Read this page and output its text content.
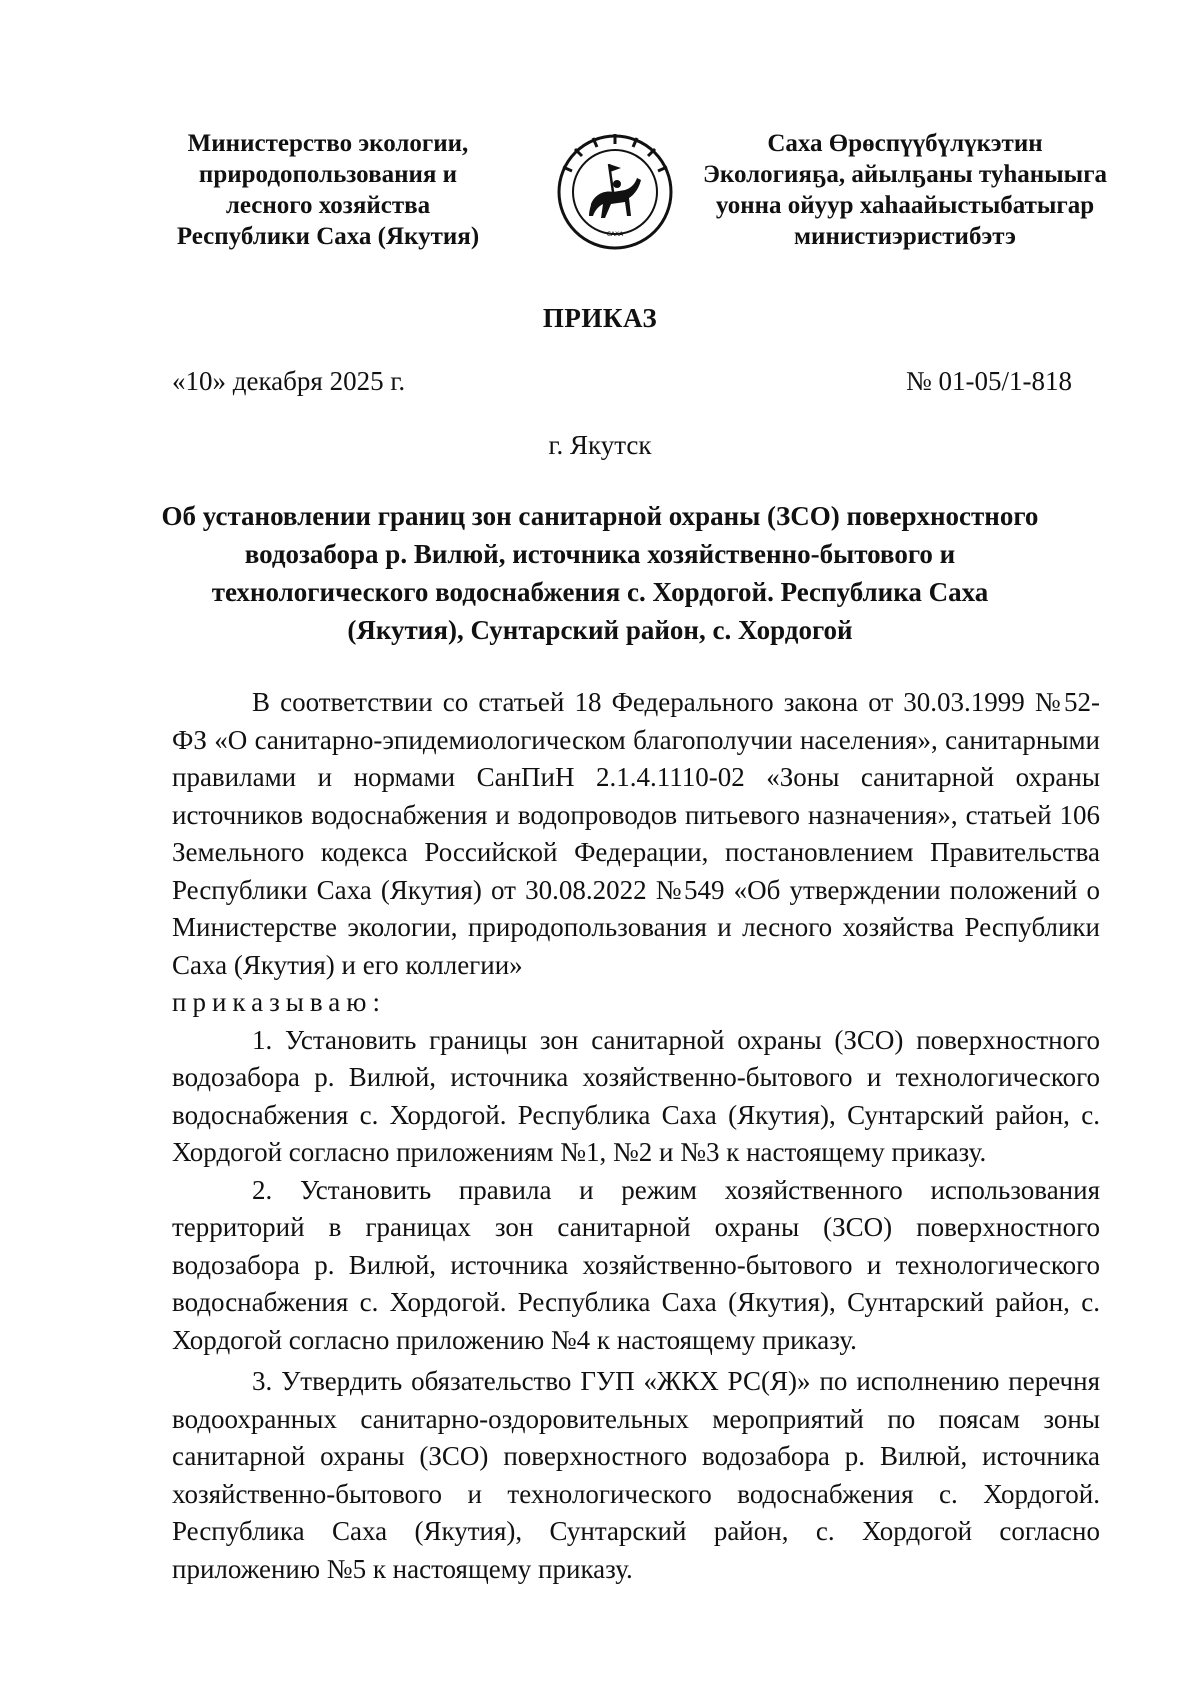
Министерство экологии,
природопользования и
лесного хозяйства
Республики Саха (Якутия)	САХА
Саха Өрөспүүбүлүкэтин
Экологияҕа, айылҕаны туһаныыга
уонна ойуур хаһаайыстыбатыгар
министиэристибэтэ
ПРИКАЗ
«10» декабря 2025 г.	№ 01-05/1-818
г. Якутск
Об установлении границ зон санитарной охраны (ЗСО) поверхностного
водозабора р. Вилюй, источника хозяйственно-бытового и
технологического водоснабжения с. Хордогой. Республика Саха
(Якутия), Сунтарский район, с. Хордогой

В соответствии со статьей 18 Федерального закона от 30.03.1999 №52-ФЗ «О санитарно-эпидемиологическом благополучии населения», санитарными правилами и нормами СанПиН 2.1.4.1110-02 «Зоны санитарной охраны источников водоснабжения и водопроводов питьевого назначения», статьей 106 Земельного кодекса Российской Федерации, постановлением Правительства Республики Саха (Якутия) от 30.08.2022 №549 «Об утверждении положений о Министерстве экологии, природопользования и лесного хозяйства Республики Саха (Якутия) и его коллегии»

приказываю:

1. Установить границы зон санитарной охраны (ЗСО) поверхностного водозабора р. Вилюй, источника хозяйственно-бытового и технологического водоснабжения с. Хордогой. Республика Саха (Якутия), Сунтарский район, с. Хордогой согласно приложениям №1, №2 и №3 к настоящему приказу.

2. Установить правила и режим хозяйственного использования территорий в границах зон санитарной охраны (ЗСО) поверхностного водозабора р. Вилюй, источника хозяйственно-бытового и технологического водоснабжения с. Хордогой. Республика Саха (Якутия), Сунтарский район, с. Хордогой согласно приложению №4 к настоящему приказу.

3. Утвердить обязательство ГУП «ЖКХ РС(Я)» по исполнению перечня водоохранных санитарно-оздоровительных мероприятий по поясам зоны санитарной охраны (ЗСО) поверхностного водозабора р. Вилюй, источника хозяйственно-бытового и технологического водоснабжения с. Хордогой. Республика Саха (Якутия), Сунтарский район, с. Хордогой согласно приложению №5 к настоящему приказу.
